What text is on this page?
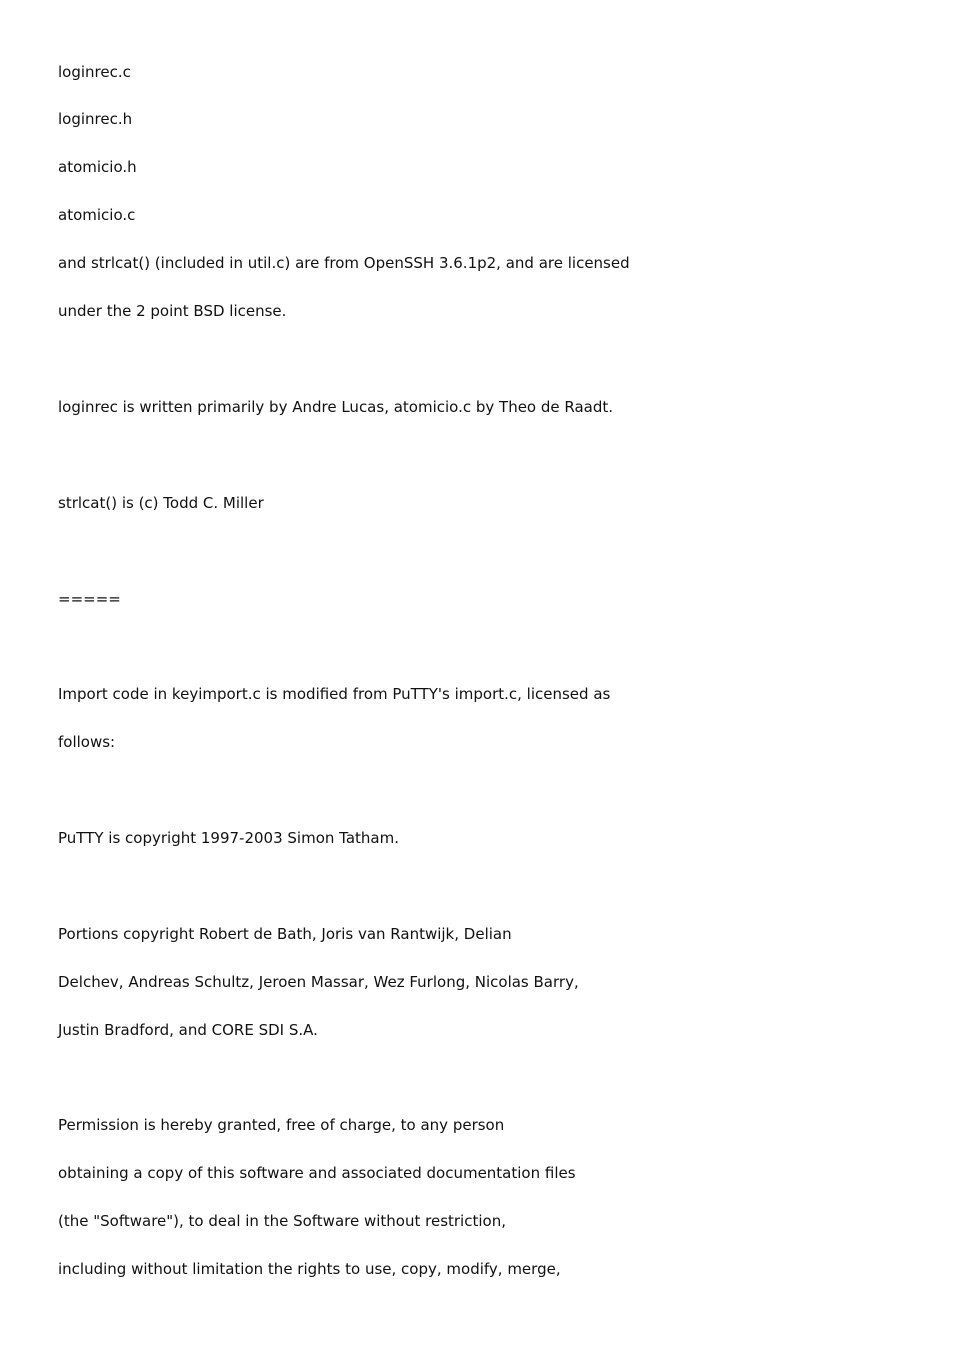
loginrec.c
loginrec.h
atomicio.h
atomicio.c
and strlcat() (included in util.c) are from OpenSSH 3.6.1p2, and are licensed
under the 2 point BSD license.
loginrec is written primarily by Andre Lucas, atomicio.c by Theo de Raadt.
strlcat() is (c) Todd C. Miller
=====
Import code in keyimport.c is modified from PuTTY's import.c, licensed as
follows:
PuTTY is copyright 1997-2003 Simon Tatham.
Portions copyright Robert de Bath, Joris van Rantwijk, Delian
Delchev, Andreas Schultz, Jeroen Massar, Wez Furlong, Nicolas Barry,
Justin Bradford, and CORE SDI S.A.
Permission is hereby granted, free of charge, to any person
obtaining a copy of this software and associated documentation files
(the "Software"), to deal in the Software without restriction,
including without limitation the rights to use, copy, modify, merge,
